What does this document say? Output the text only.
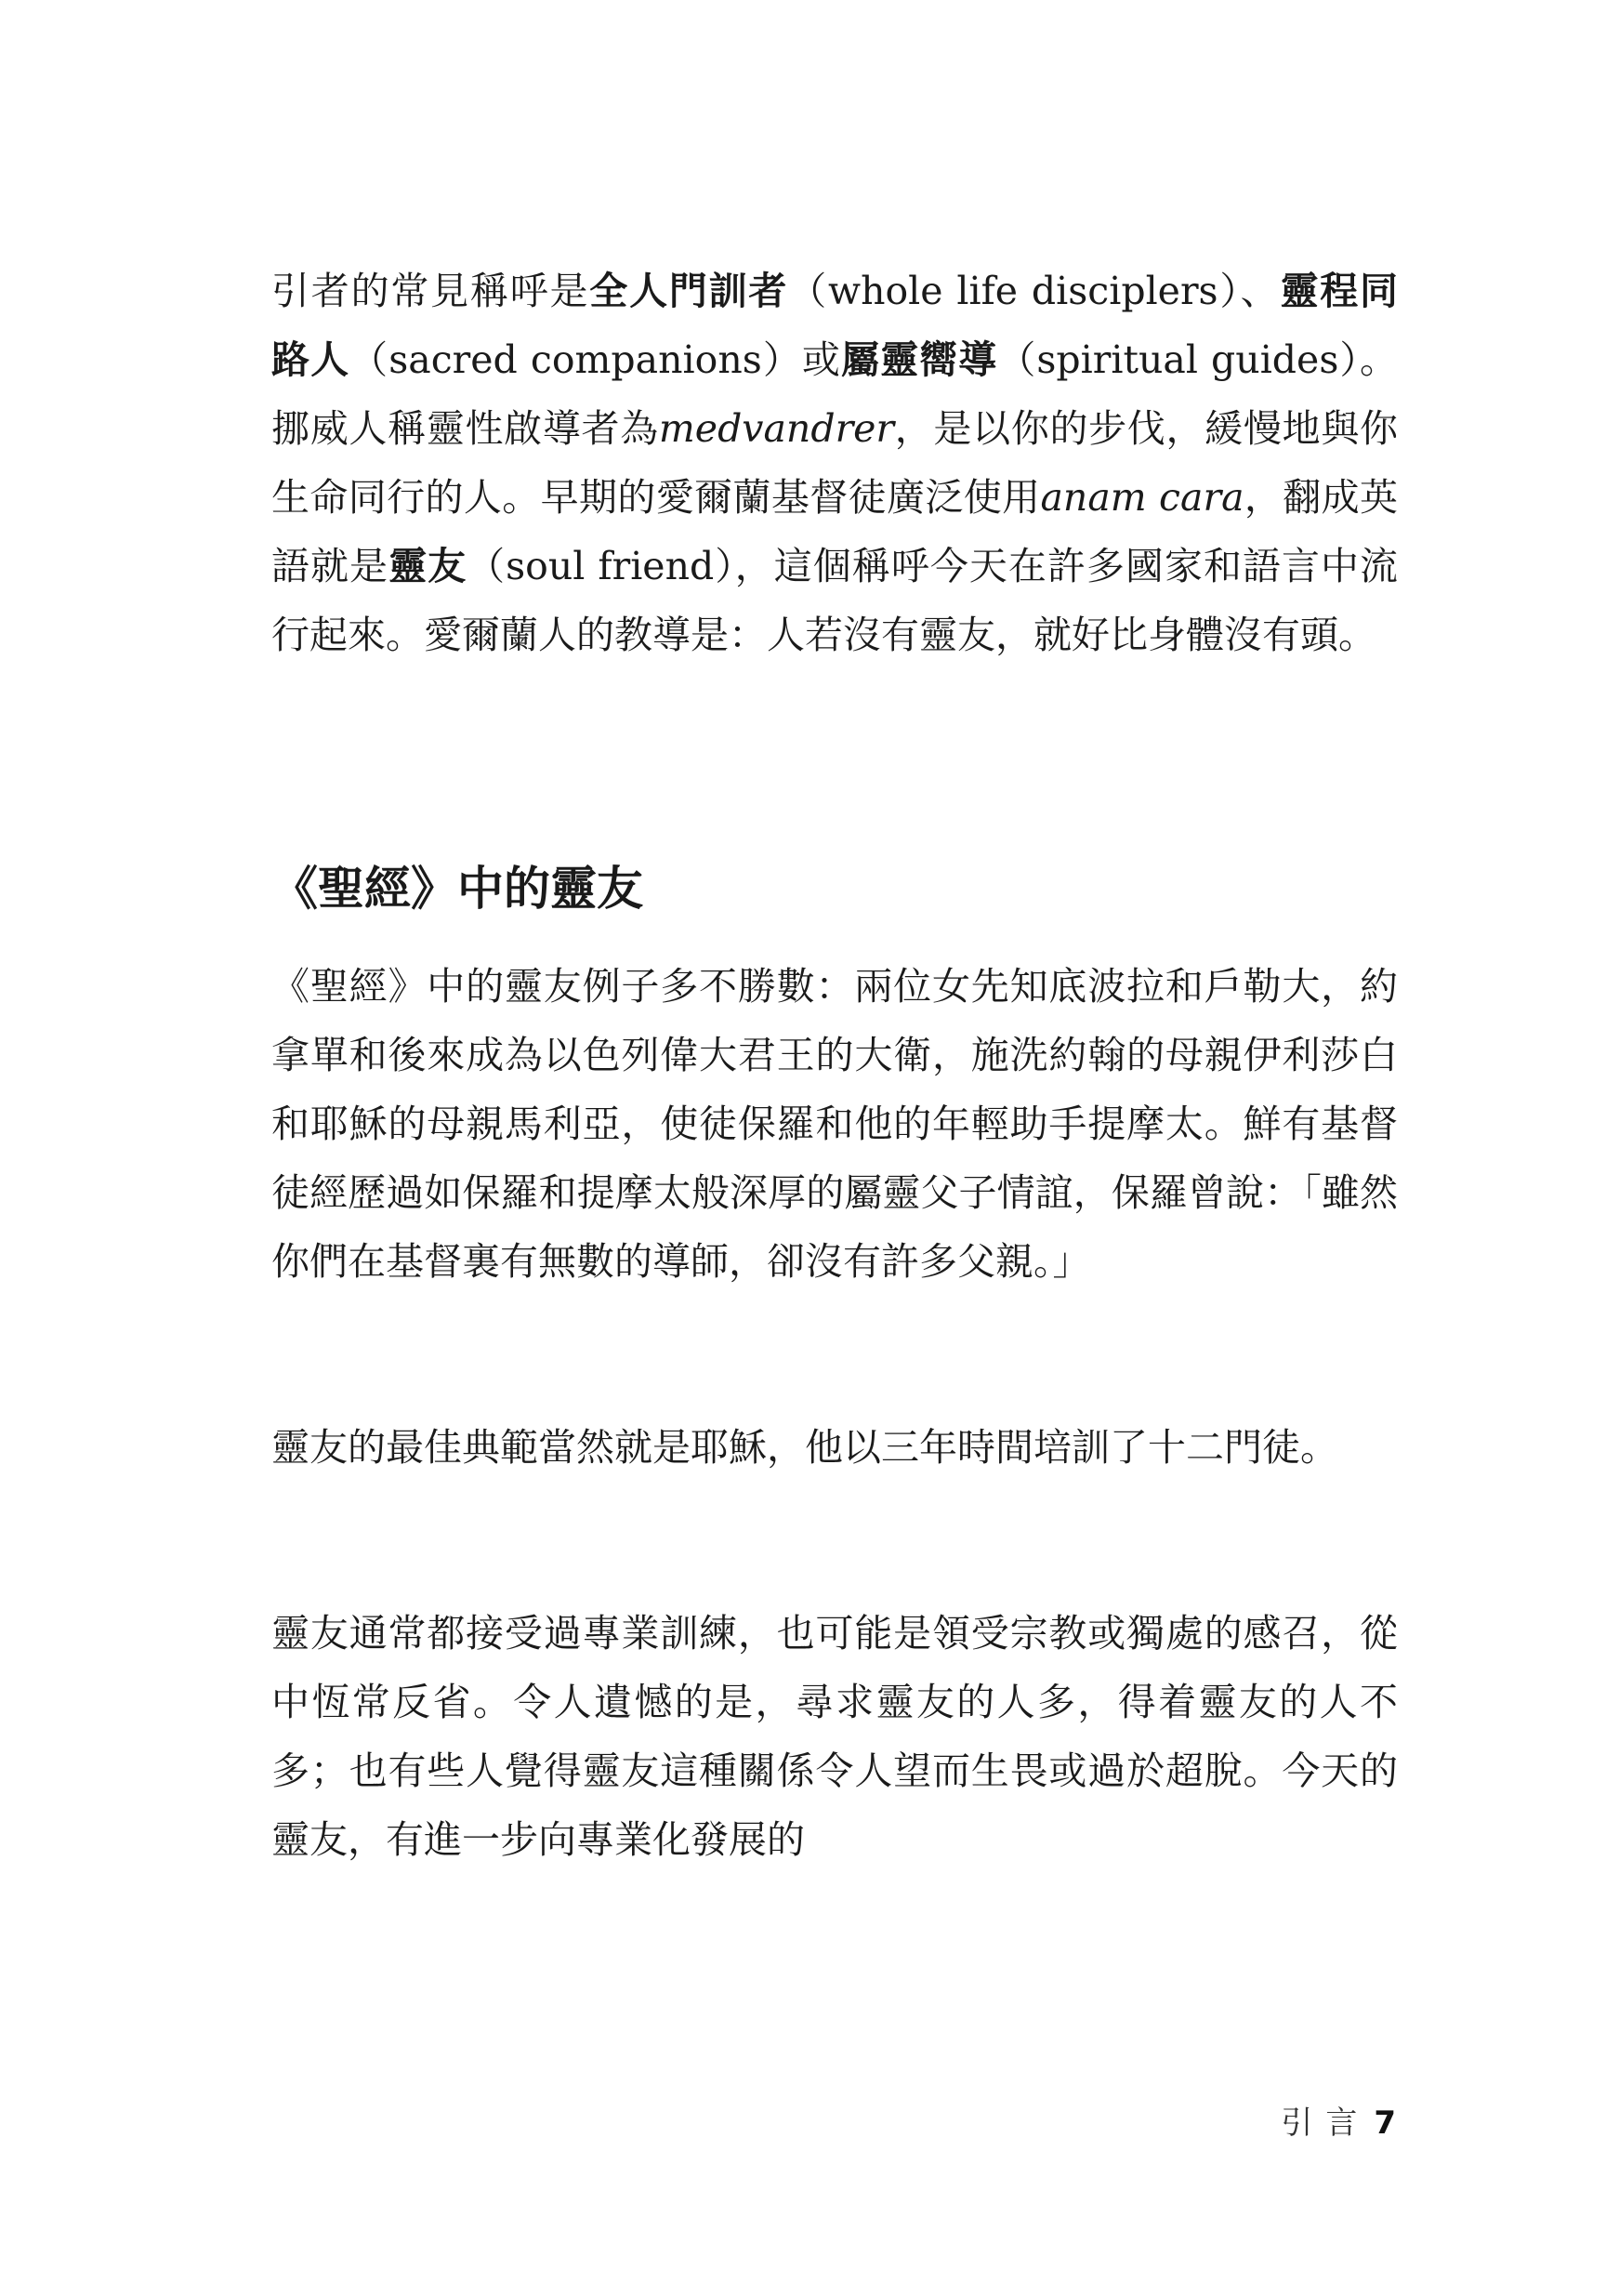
引者的常見稱呼是全人門訓者（whole life disciplers）、靈程同路人（sacred companions）或屬靈嚮導（spiritual guides）。挪威人稱靈性啟導者為medvandrer，是以你的步伐，緩慢地與你生命同行的人。早期的愛爾蘭基督徒廣泛使用anam cara，翻成英語就是靈友（soul friend），這個稱呼今天在許多國家和語言中流行起來。愛爾蘭人的教導是：人若沒有靈友，就好比身體沒有頭。

《聖經》中的靈友

《聖經》中的靈友例子多不勝數：兩位女先知底波拉和戶勒大，約拿單和後來成為以色列偉大君王的大衛，施洗約翰的母親伊利莎白和耶穌的母親馬利亞，使徒保羅和他的年輕助手提摩太。鮮有基督徒經歷過如保羅和提摩太般深厚的屬靈父子情誼，保羅曾說：「雖然你們在基督裏有無數的導師，卻沒有許多父親。」

靈友的最佳典範當然就是耶穌，他以三年時間培訓了十二門徒。

靈友通常都接受過專業訓練，也可能是領受宗教或獨處的感召，從中恆常反省。令人遺憾的是，尋求靈友的人多，得着靈友的人不多；也有些人覺得靈友這種關係令人望而生畏或過於超脫。今天的靈友，有進一步向專業化發展的

引言 7
